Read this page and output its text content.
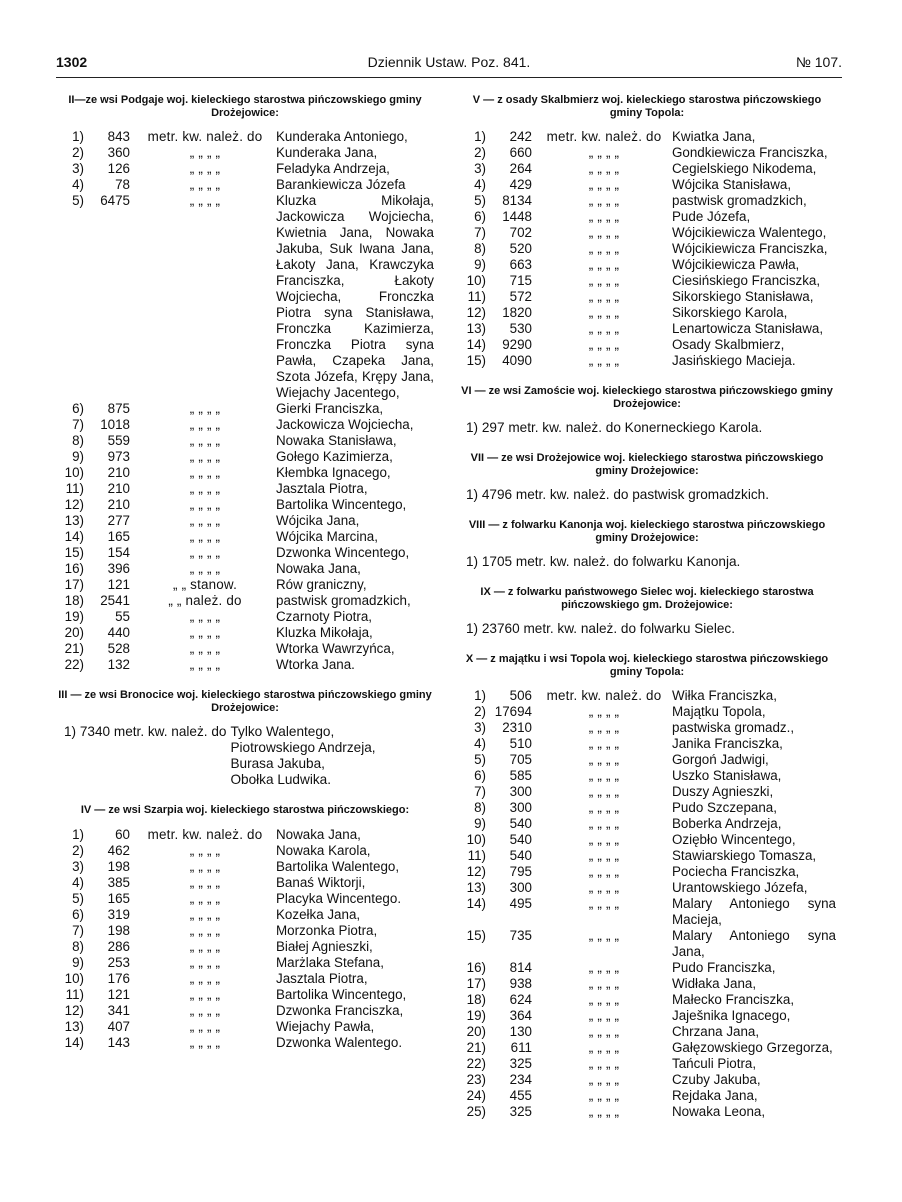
1302	Dziennik Ustaw. Poz. 841.	№ 107.
II—ze wsi Podgaje woj. kieleckiego starostwa pińczowskiego gminy Drożejowice:
1)	843	metr. kw. należ. do	Kunderaka Antoniego,
2)	360	„ „ „ „	Kunderaka Jana,
3)	126	„ „ „ „	Feladyka Andrzeja,
4)	78	„ „ „ „	Barankiewicza Józefa
5)	6475	„ „ „ „	Kluzka Mikołaja, Jackowicza Wojciecha, Kwietnia Jana, Nowaka Jakuba, Suk Iwana Jana, Łakoty Jana, Krawczyka Franciszka, Łakoty Wojciecha, Fronczka Piotra syna Stanisława, Fronczka Kazimierza, Fronczka Piotra syna Pawła, Czapeka Jana, Szota Józefa, Krępy Jana, Wiejachy Jacentego,
6)	875	„ „ „ „	Gierki Franciszka,
7)	1018	„ „ „ „	Jackowicza Wojciecha,
8)	559	„ „ „ „	Nowaka Stanisława,
9)	973	„ „ „ „	Gołego Kazimierza,
10)	210	„ „ „ „	Kłembka Ignacego,
11)	210	„ „ „ „	Jasztala Piotra,
12)	210	„ „ „ „	Bartolika Wincentego,
13)	277	„ „ „ „	Wójcika Jana,
14)	165	„ „ „ „	Wójcika Marcina,
15)	154	„ „ „ „	Dzwonka Wincentego,
16)	396	„ „ „ „	Nowaka Jana,
17)	121	„ „ stanow.	Rów graniczny,
18)	2541	„ „ należ. do	pastwisk gromadzkich,
19)	55	„ „ „ „	Czarnoty Piotra,
20)	440	„ „ „ „	Kluzka Mikołaja,
21)	528	„ „ „ „	Wtorka Wawrzyńca,
22)	132	„ „ „ „	Wtorka Jana.
III — ze wsi Bronocice woj. kieleckiego starostwa pińczowskiego gminy Drożejowice:
1) 7340 metr. kw. należ. do Tylko Walentego,
Piotrowskiego Andrzeja,
Burasa Jakuba,
Obołka Ludwika.
IV — ze wsi Szarpia woj. kieleckiego starostwa pińczowskiego:
1)	60	metr. kw. należ. do	Nowaka Jana,
2)	462	„ „ „ „	Nowaka Karola,
3)	198	„ „ „ „	Bartolika Walentego,
4)	385	„ „ „ „	Banaś Wiktorji,
5)	165	„ „ „ „	Placyka Wincentego.
6)	319	„ „ „ „	Kozełka Jana,
7)	198	„ „ „ „	Morzonka Piotra,
8)	286	„ „ „ „	Białej Agnieszki,
9)	253	„ „ „ „	Marżlaka Stefana,
10)	176	„ „ „ „	Jasztala Piotra,
11)	121	„ „ „ „	Bartolika Wincentego,
12)	341	„ „ „ „	Dzwonka Franciszka,
13)	407	„ „ „ „	Wiejachy Pawła,
14)	143	„ „ „ „	Dzwonka Walentego.
V — z osady Skalbmierz woj. kieleckiego starostwa pińczowskiego gminy Topola:
1)	242	metr. kw. należ. do Kwiatka Jana,
2)	660	„ „ „ „	Gondkiewicza Franciszka,
3)	264	„ „ „ „	Cegielskiego Nikodema,
4)	429	„ „ „ „	Wójcika Stanisława,
5)	8134	„ „ „ „	pastwisk gromadzkich,
6)	1448	„ „ „ „	Pude Józefa,
7)	702	„ „ „ „	Wójcikiewicza Walentego,
8)	520	„ „ „ „	Wójcikiewicza Franciszka,
9)	663	„ „ „ „	Wójcikiewicza Pawła,
10)	715	„ „ „ „	Ciesińskiego Franciszka,
11)	572	„ „ „ „	Sikorskiego Stanisława,
12)	1820	„ „ „ „	Sikorskiego Karola,
13)	530	„ „ „ „	Lenartowicza Stanisława,
14)	9290	„ „ „ „	Osady Skalbmierz,
15)	4090	„ „ „ „	Jasińskiego Macieja.
VI — ze wsi Zamoście woj. kieleckiego starostwa pińczowskiego gminy Drożejowice:
1) 297 metr. kw. należ. do Konerneckiego Karola.
VII — ze wsi Drożejowice woj. kieleckiego starostwa pińczowskiego gminy Drożejowice:
1) 4796 metr. kw. należ. do pastwisk gromadzkich.
VIII — z folwarku Kanonja woj. kieleckiego starostwa pińczowskiego gminy Drożejowice:
1) 1705 metr. kw. należ. do folwarku Kanonja.
IX — z folwarku państwowego Sielec woj. kieleckiego starostwa pińczowskiego gm. Drożejowice:
1) 23760 metr. kw. należ. do folwarku Sielec.
X — z majątku i wsi Topola woj. kieleckiego starostwa pińczowskiego gminy Topola:
1)	506	metr. kw. należ. do Wiłka Franciszka,
2) 17694	„ „ „ „	Majątku Topola,
3)	2310	„ „ „ „	pastwiska gromadz.,
4)	510	„ „ „ „	Janika Franciszka,
5)	705	„ „ „ „	Gorgoń Jadwigi,
6)	585	„ „ „ „	Uszko Stanisława,
7)	300	„ „ „ „	Duszy Agnieszki,
8)	300	„ „ „ „	Pudo Szczepana,
9)	540	„ „ „ „	Boberka Andrzeja,
10)	540	„ „ „ „	Oziębło Wincentego,
11)	540	„ „ „ „	Stawiarskiego Tomasza,
12)	795	„ „ „ „	Pociecha Franciszka,
13)	300	„ „ „ „	Urantowskiego Józefa,
14)	495	„ „ „ „	Malary Antoniego syna Macieja,
15)	735	„ „ „ „	Malary Antoniego syna Jana,
16)	814	„ „ „ „	Pudo Franciszka,
17)	938	„ „ „ „	Widłaka Jana,
18)	624	„ „ „ „	Małecko Franciszka,
19)	364	„ „ „ „	Jaješnika Ignacego,
20)	130	„ „ „ „	Chrzana Jana,
21)	611	„ „ „ „	Gałęzowskiego Grzegorza,
22)	325	„ „ „ „	Tańculi Piotra,
23)	234	„ „ „ „	Czuby Jakuba,
24)	455	„ „ „ „	Rejdaka Jana,
25)	325	„ „ „ „	Nowaka Leona,
